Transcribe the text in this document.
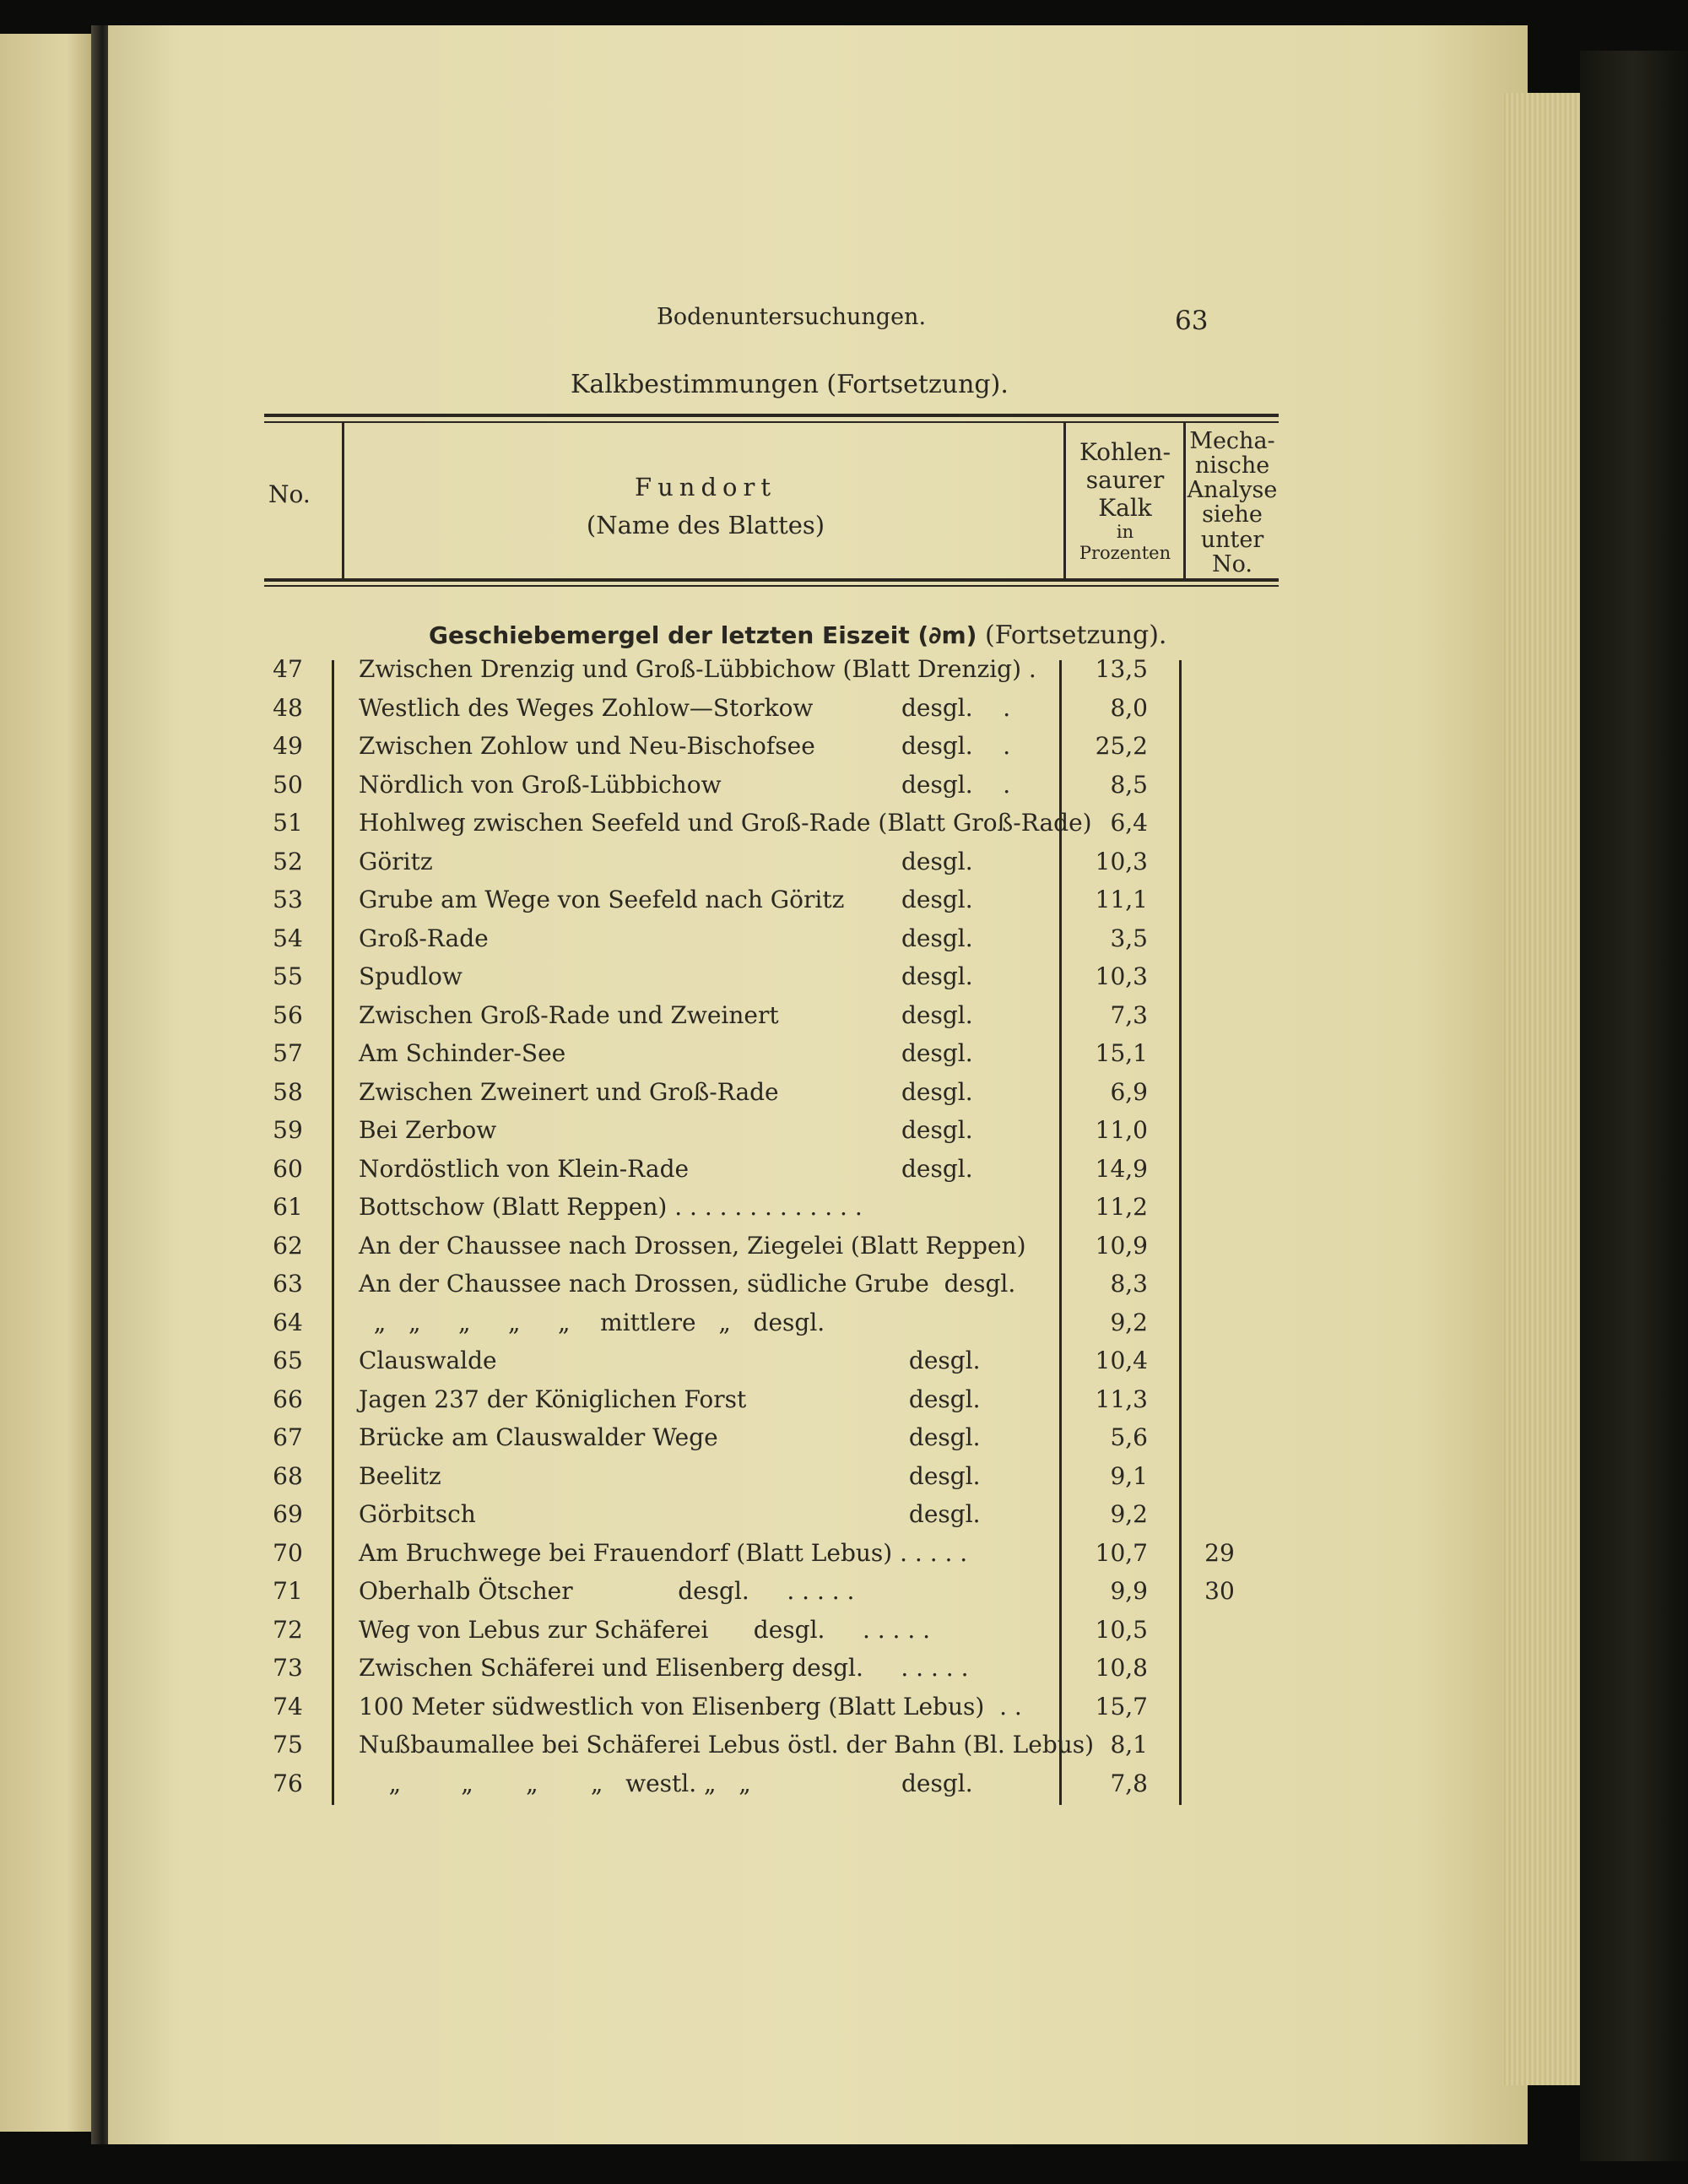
Bodenuntersuchungen.	63
Kalkbestimmungen (Fortsetzung).
No.	Fundort
(Name des Blattes)
Kohlen-
saurer
Kalk
in
Prozenten
Mecha-
nische
Analyse
siehe
unter
No.
Geschiebemergel der letzten Eiszeit (∂m) (Fortsetzung).
47	Zwischen Drenzig und Groß-Lübbichow (Blatt Drenzig) . 13,5
48	Westlich des Weges Zohlow—Storkow	desgl.    .	8,0
49	Zwischen Zohlow und Neu-Bischofsee	desgl.    .	25,2
50	Nördlich von Groß-Lübbichow	desgl.    .	8,5
51	Hohlweg zwischen Seefeld und Groß-Rade (Blatt Groß-Rade) 6,4
52	Göritz	desgl.	10,3
53	Grube am Wege von Seefeld nach Göritz desgl.	11,1
54	Groß-Rade	desgl.	3,5
55	Spudlow	desgl.	10,3
56	Zwischen Groß-Rade und Zweinert	desgl.	7,3
57	Am Schinder-See	desgl.	15,1
58	Zwischen Zweinert und Groß-Rade	desgl.	6,9
59	Bei Zerbow	desgl.	11,0
60	Nordöstlich von Klein-Rade	desgl.	14,9
61	Bottschow (Blatt Reppen) . . . . . . . . . . . . .	11,2
62	An der Chaussee nach Drossen, Ziegelei (Blatt Reppen)	10,9
63	An der Chaussee nach Drossen, südliche Grube  desgl.	8,3
64	„   „     „     „     „    mittlere   „   desgl.	9,2
65	Clauswalde	desgl.	10,4
66	Jagen 237 der Königlichen Forst	desgl.	11,3
67	Brücke am Clauswalder Wege	desgl.	5,6
68	Beelitz	desgl.	9,1
69	Görbitsch	desgl.	9,2
70	Am Bruchwege bei Frauendorf (Blatt Lebus) . . . . .	10,7	29
71	Oberhalb Ötscher              desgl.     . . . . .	9,9	30
72	Weg von Lebus zur Schäferei      desgl.     . . . . .	10,5
73	Zwischen Schäferei und Elisenberg desgl.     . . . . .	10,8
74	100 Meter südwestlich von Elisenberg (Blatt Lebus)  . .	15,7
75	Nußbaumallee bei Schäferei Lebus östl. der Bahn (Bl. Lebus) 8,1
76	„        „       „       „   westl. „   „	desgl.	7,8
